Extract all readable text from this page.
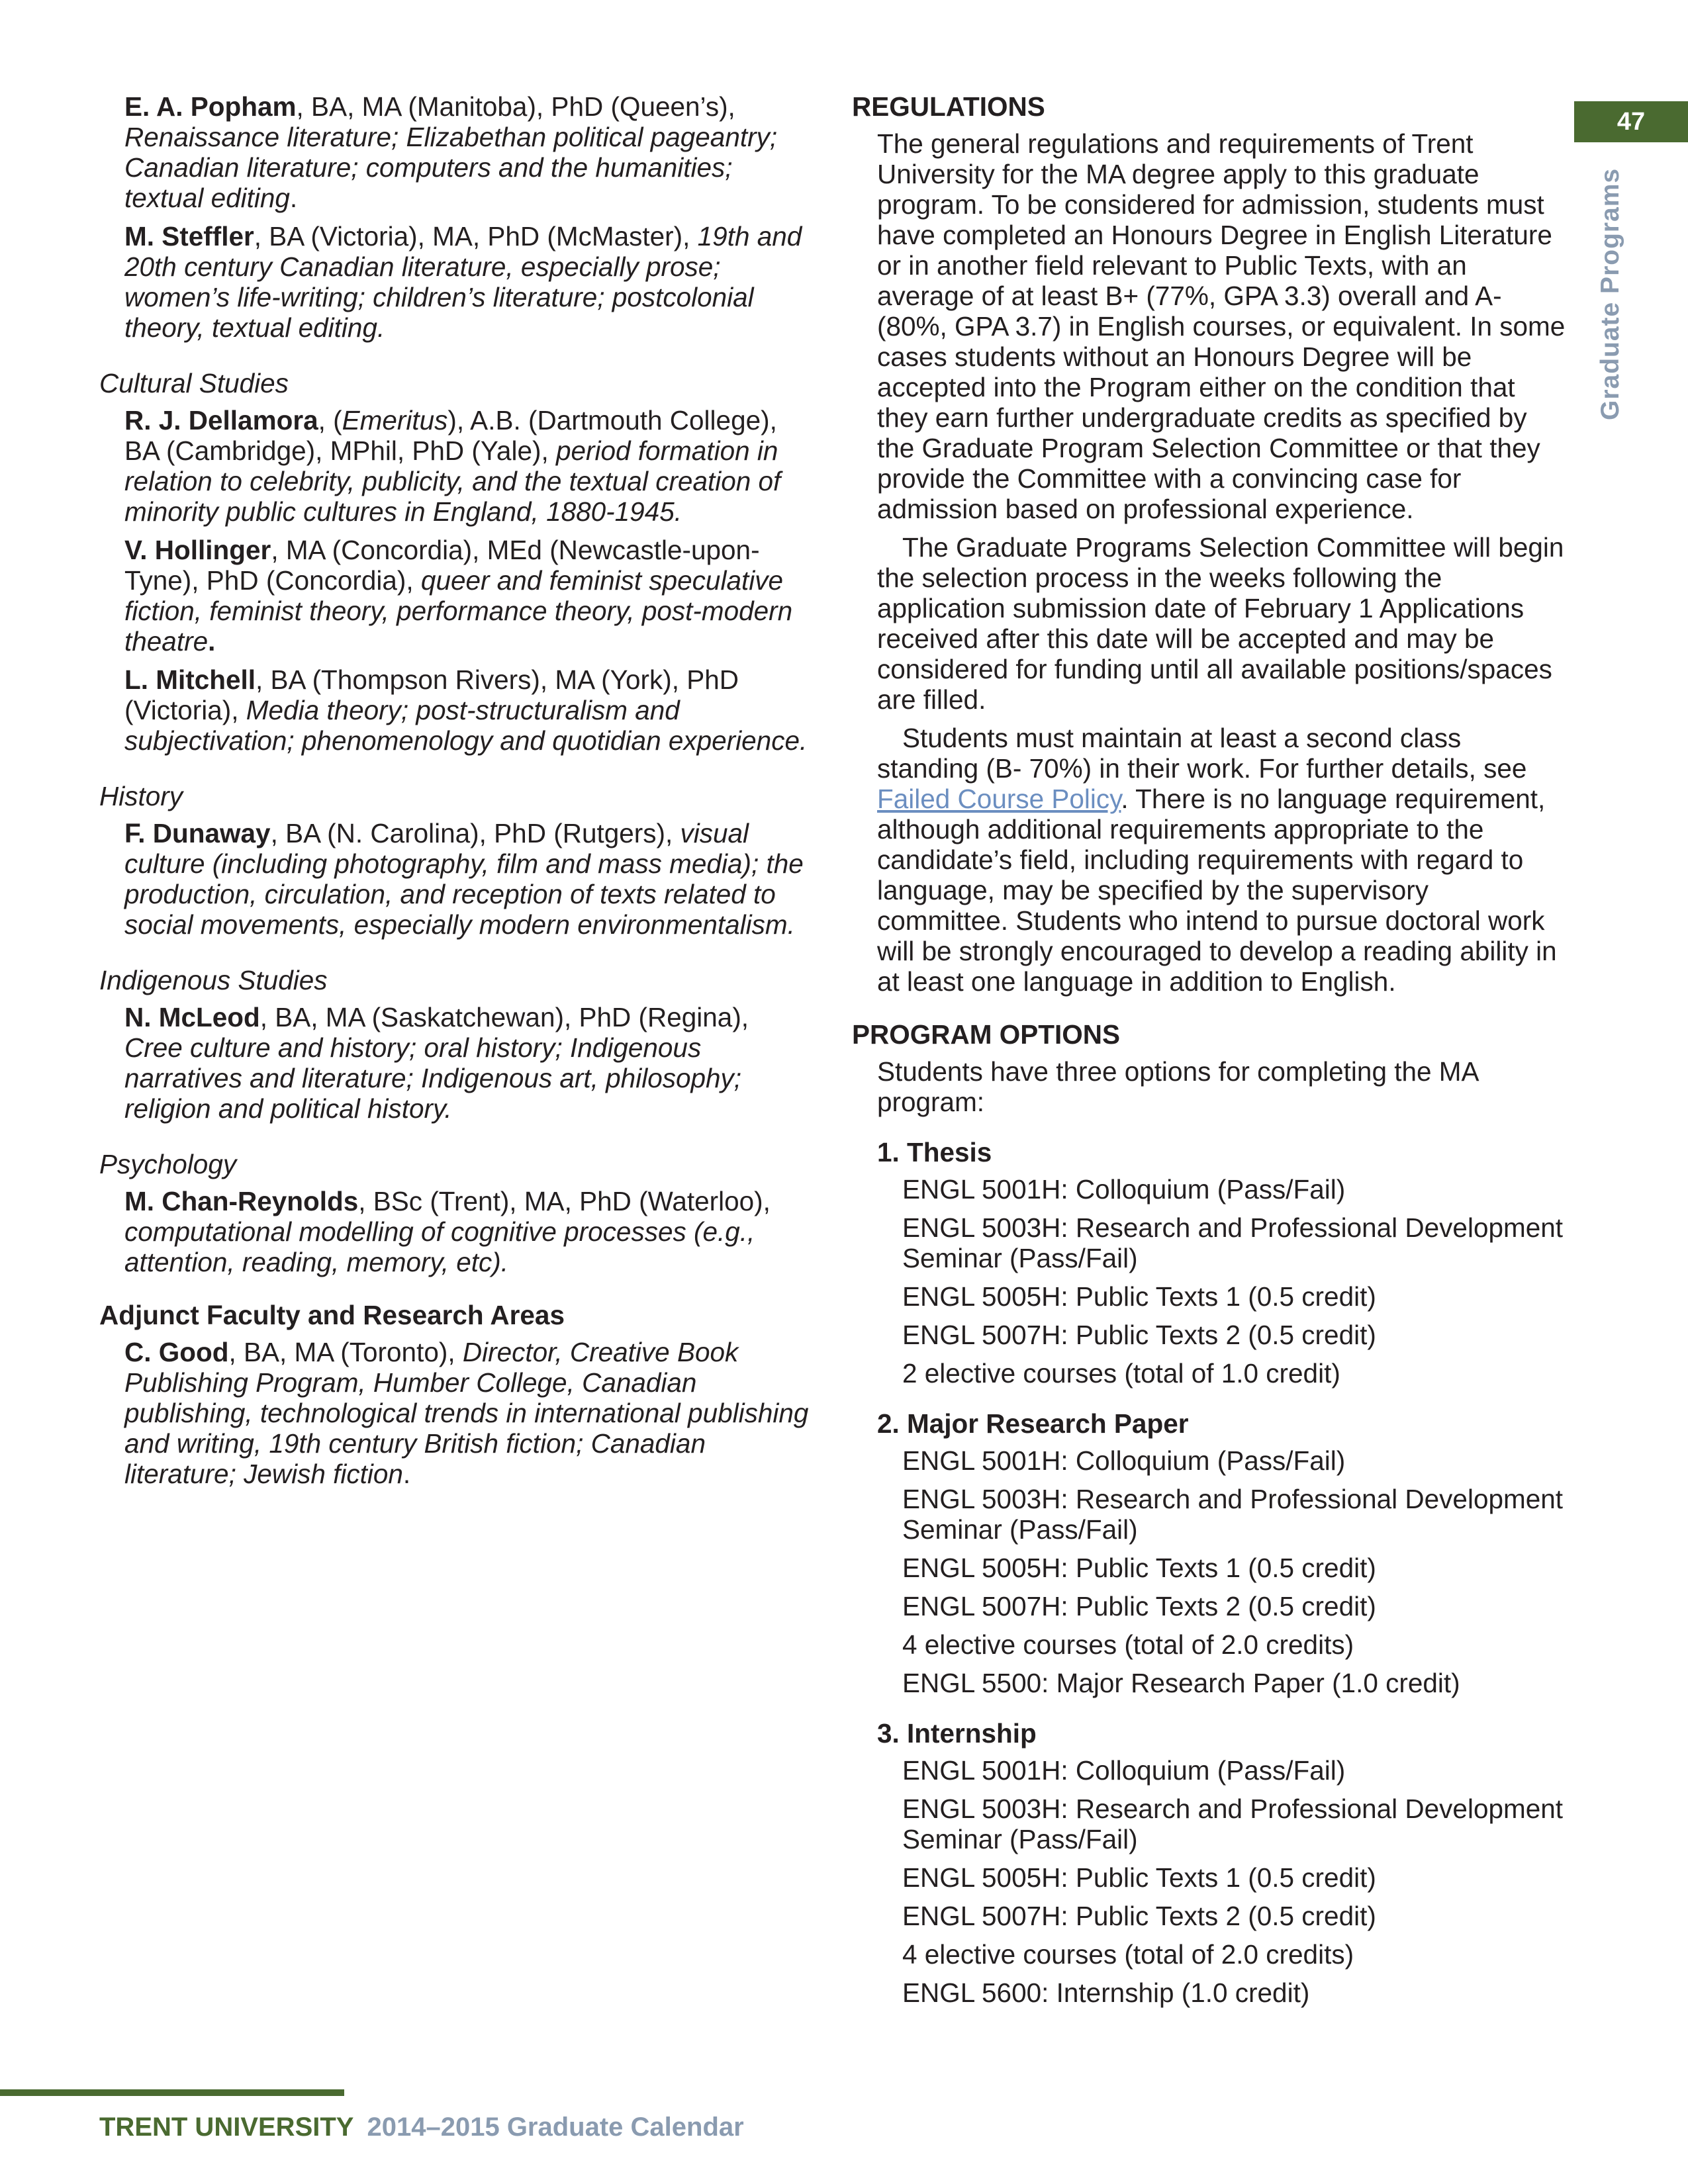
47
Graduate Programs

E. A. Popham, BA, MA (Manitoba), PhD (Queen’s), Renaissance literature; Elizabethan political pageantry; Canadian literature; computers and the humanities; textual editing.

M. Steffler, BA (Victoria), MA, PhD (McMaster), 19th and 20th century Canadian literature, especially prose; women’s life-writing; children’s literature; postcolonial theory, textual editing.

Cultural Studies

R. J. Dellamora, (Emeritus), A.B. (Dartmouth College), BA (Cambridge), MPhil, PhD (Yale), period formation in relation to celebrity, publicity, and the textual creation of minority public cultures in England, 1880-1945.

V. Hollinger, MA (Concordia), MEd (Newcastle-upon-Tyne), PhD (Concordia), queer and feminist speculative fiction, feminist theory, performance theory, post-modern theatre.

L. Mitchell, BA (Thompson Rivers), MA (York), PhD (Victoria), Media theory; post-structuralism and subjectivation; phenomenology and quotidian experience.

History

F. Dunaway, BA (N. Carolina), PhD (Rutgers), visual culture (including photography, film and mass media); the production, circulation, and reception of texts related to social movements, especially modern environmentalism.

Indigenous Studies

N. McLeod, BA, MA (Saskatchewan), PhD (Regina), Cree culture and history; oral history; Indigenous narratives and literature; Indigenous art, philosophy; religion and political history.

Psychology

M. Chan-Reynolds, BSc (Trent), MA, PhD (Waterloo), computational modelling of cognitive processes (e.g., attention, reading, memory, etc).

Adjunct Faculty and Research Areas

C. Good, BA, MA (Toronto), Director, Creative Book Publishing Program, Humber College, Canadian publishing, technological trends in international publishing and writing, 19th century British fiction; Canadian literature; Jewish fiction.

REGULATIONS

The general regulations and requirements of Trent University for the MA degree apply to this graduate program. To be considered for admission, students must have completed an Honours Degree in English Literature or in another field relevant to Public Texts, with an average of at least B+ (77%, GPA 3.3) overall and A- (80%, GPA 3.7) in English courses, or equivalent. In some cases students without an Honours Degree will be accepted into the Program either on the condition that they earn further undergraduate credits as specified by the Graduate Program Selection Committee or that they provide the Committee with a convincing case for admission based on professional experience.

The Graduate Programs Selection Committee will begin the selection process in the weeks following the application submission date of February 1 Applications received after this date will be accepted and may be considered for funding until all available positions/spaces are filled.

Students must maintain at least a second class standing (B- 70%) in their work. For further details, see Failed Course Policy. There is no language requirement, although additional requirements appropriate to the candidate’s field, including requirements with regard to language, may be specified by the supervisory committee. Students who intend to pursue doctoral work will be strongly encouraged to develop a reading ability in at least one language in addition to English.

PROGRAM OPTIONS

Students have three options for completing the MA program:

1. Thesis
ENGL 5001H: Colloquium (Pass/Fail)
ENGL 5003H: Research and Professional Development Seminar (Pass/Fail)
ENGL 5005H: Public Texts 1 (0.5 credit)
ENGL 5007H: Public Texts 2 (0.5 credit)
2 elective courses (total of 1.0 credit)
2. Major Research Paper
ENGL 5001H: Colloquium (Pass/Fail)
ENGL 5003H: Research and Professional Development Seminar (Pass/Fail)
ENGL 5005H: Public Texts 1 (0.5 credit)
ENGL 5007H: Public Texts 2 (0.5 credit)
4 elective courses (total of 2.0 credits)
ENGL 5500: Major Research Paper (1.0 credit)
3. Internship
ENGL 5001H: Colloquium (Pass/Fail)
ENGL 5003H: Research and Professional Development Seminar (Pass/Fail)
ENGL 5005H: Public Texts 1 (0.5 credit)
ENGL 5007H: Public Texts 2 (0.5 credit)
4 elective courses (total of 2.0 credits)
ENGL 5600: Internship (1.0 credit)
TRENT UNIVERSITY 2014–2015 Graduate Calendar
